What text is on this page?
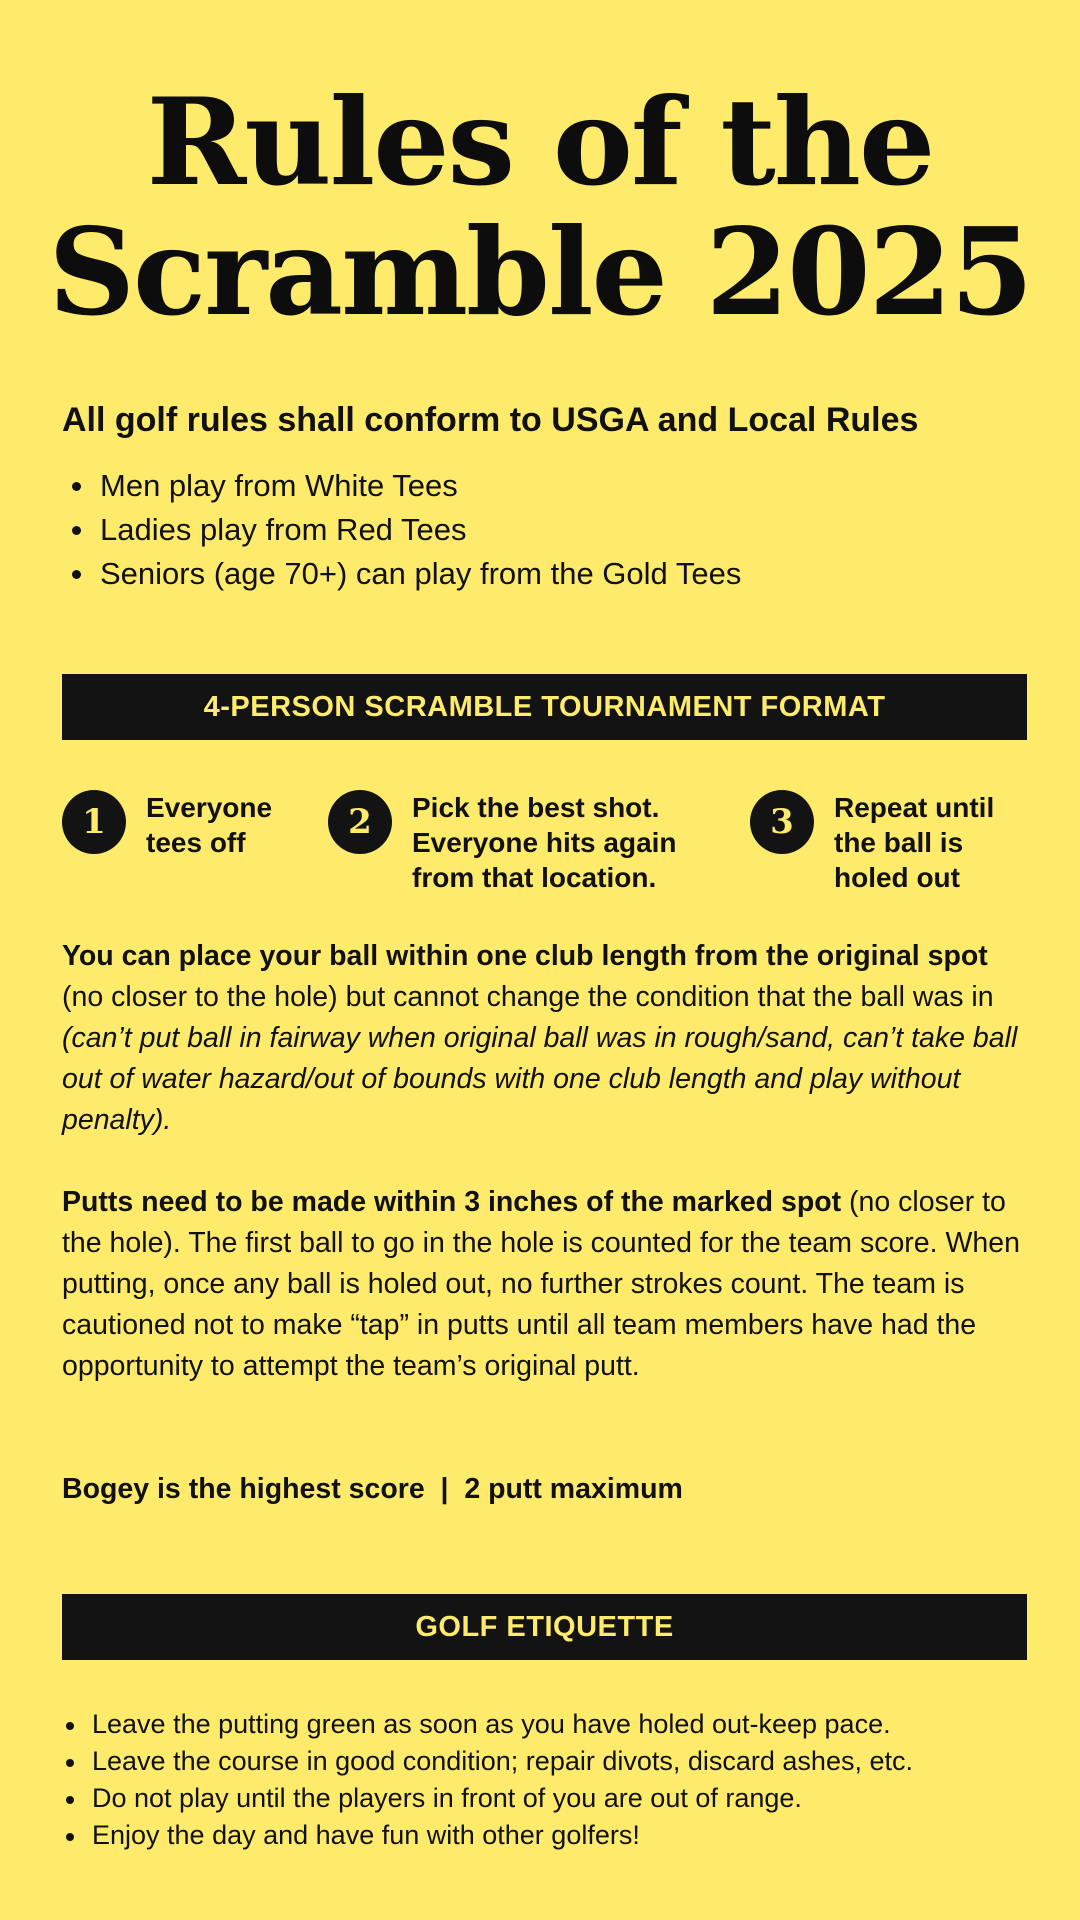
Rules of the
Scramble 2025
All golf rules shall conform to USGA and Local Rules
Men play from White Tees
Ladies play from Red Tees
Seniors (age 70+) can play from the Gold Tees
4-PERSON SCRAMBLE TOURNAMENT FORMAT
1	Everyone
tees off
2	Pick the best shot.
Everyone hits again
from that location.
3	Repeat until
the ball is
holed out

You can place your ball within one club length from the original spot (no closer to the hole) but cannot change the condition that the ball was in (can’t put ball in fairway when original ball was in rough/sand, can’t take ball out of water hazard/out of bounds with one club length and play without penalty).

Putts need to be made within 3 inches of the marked spot (no closer to the hole). The first ball to go in the hole is counted for the team score. When putting, once any ball is holed out, no further strokes count. The team is cautioned not to make “tap” in putts until all team members have had the opportunity to attempt the team’s original putt.

Bogey is the highest score  |  2 putt maximum

GOLF ETIQUETTE
Leave the putting green as soon as you have holed out-keep pace.
Leave the course in good condition; repair divots, discard ashes, etc.
Do not play until the players in front of you are out of range.
Enjoy the day and have fun with other golfers!
